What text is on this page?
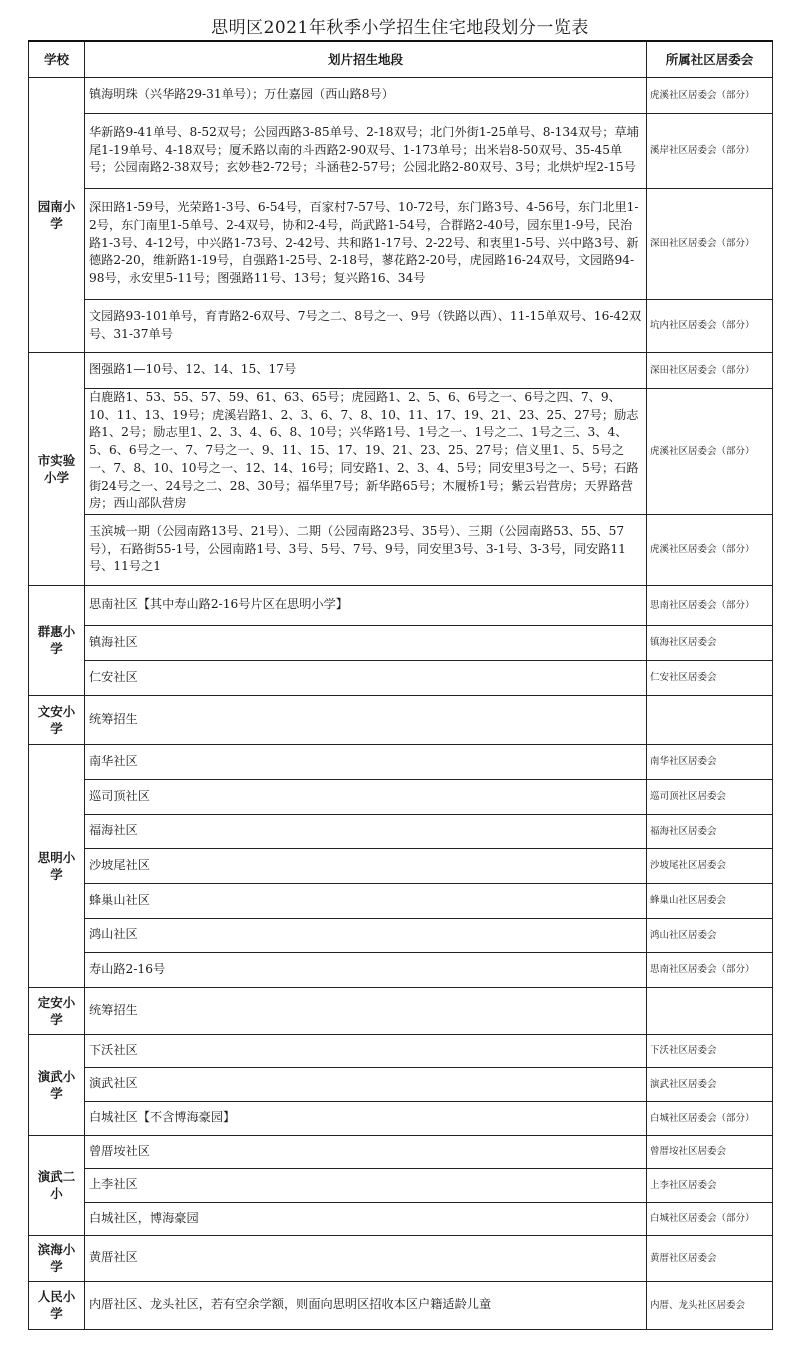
思明区2021年秋季小学招生住宅地段划分一览表
学校	划片招生地段	所属社区居委会
园南小学	镇海明珠（兴华路29-31单号）；万仕嘉园（西山路8号）	虎溪社区居委会（部分）
	华新路9-41单号、8-52双号；公园西路3-85单号、2-18双号；北门外街1-25单号、8-134双号；草埔尾1-19单号、4-18双号；厦禾路以南的斗西路2-90双号、1-173单号；出米岩8-50双号、35-45单号；公园南路2-38双号；玄妙巷2-72号；斗涵巷2-57号；公园北路2-80双号、3号；北烘炉埕2-15号	溪岸社区居委会（部分）
	深田路1-59号，光荣路1-3号、6-54号，百家村7-57号、10-72号，东门路3号、4-56号，东门北里1-2号，东门南里1-5单号、2-4双号，协和2-4号，尚武路1-54号，合群路2-40号，园东里1-9号，民治路1-3号、4-12号，中兴路1-73号、2-42号、共和路1-17号、2-22号、和衷里1-5号、兴中路3号、新德路2-20，维新路1-19号，自强路1-25号、2-18号，蓼花路2-20号，虎园路16-24双号，文园路94-98号，永安里5-11号；图强路11号、13号；复兴路16、34号	深田社区居委会（部分）
	文园路93-101单号，育青路2-6双号、7号之二、8号之一、9号（铁路以西）、11-15单双号、16-42双号、31-37单号	坑内社区居委会（部分）
市实验小学	图强路1—10号、12、14、15、17号	深田社区居委会（部分）
	白鹿路1、53、55、57、59、61、63、65号；虎园路1、2、5、6、6号之一、6号之四、7、9、10、11、13、19号；虎溪岩路1、2、3、6、7、8、10、11、17、19、21、23、25、27号；励志路1、2号；励志里1、2、3、4、6、8、10号；兴华路1号、1号之一、1号之二、1号之三、3、4、5、6、6号之一、7、7号之一、9、11、15、17、19、21、23、25、27号；信义里1、5、5号之一、7、8、10、10号之一、12、14、16号；同安路1、2、3、4、5号；同安里3号之一、5号；石路街24号之一、24号之二、28、30号；福华里7号；新华路65号；木履桥1号；紫云岩营房；天界路营房；西山部队营房	虎溪社区居委会（部分）
	玉滨城一期（公园南路13号、21号）、二期（公园南路23号、35号）、三期（公园南路53、55、57号），石路街55-1号，公园南路1号、3号、5号、7号、9号，同安里3号、3-1号、3-3号，同安路11号、11号之1	虎溪社区居委会（部分）
群惠小学	思南社区【其中寿山路2-16号片区在思明小学】	思南社区居委会（部分）
	镇海社区	镇海社区居委会
	仁安社区	仁安社区居委会
文安小学	统筹招生	
思明小学	南华社区	南华社区居委会
	巡司顶社区	巡司顶社区居委会
	福海社区	福海社区居委会
	沙坡尾社区	沙坡尾社区居委会
	蜂巢山社区	蜂巢山社区居委会
	鸿山社区	鸿山社区居委会
	寿山路2-16号	思南社区居委会（部分）
定安小学	统筹招生	
演武小学	下沃社区	下沃社区居委会
	演武社区	演武社区居委会
	白城社区【不含博海豪园】	白城社区居委会（部分）
演武二小	曾厝垵社区	曾厝垵社区居委会
	上李社区	上李社区居委会
	白城社区，博海豪园	白城社区居委会（部分）
滨海小学	黄厝社区	黄厝社区居委会
人民小学	内厝社区、龙头社区，若有空余学额，则面向思明区招收本区户籍适龄儿童	内厝、龙头社区居委会
